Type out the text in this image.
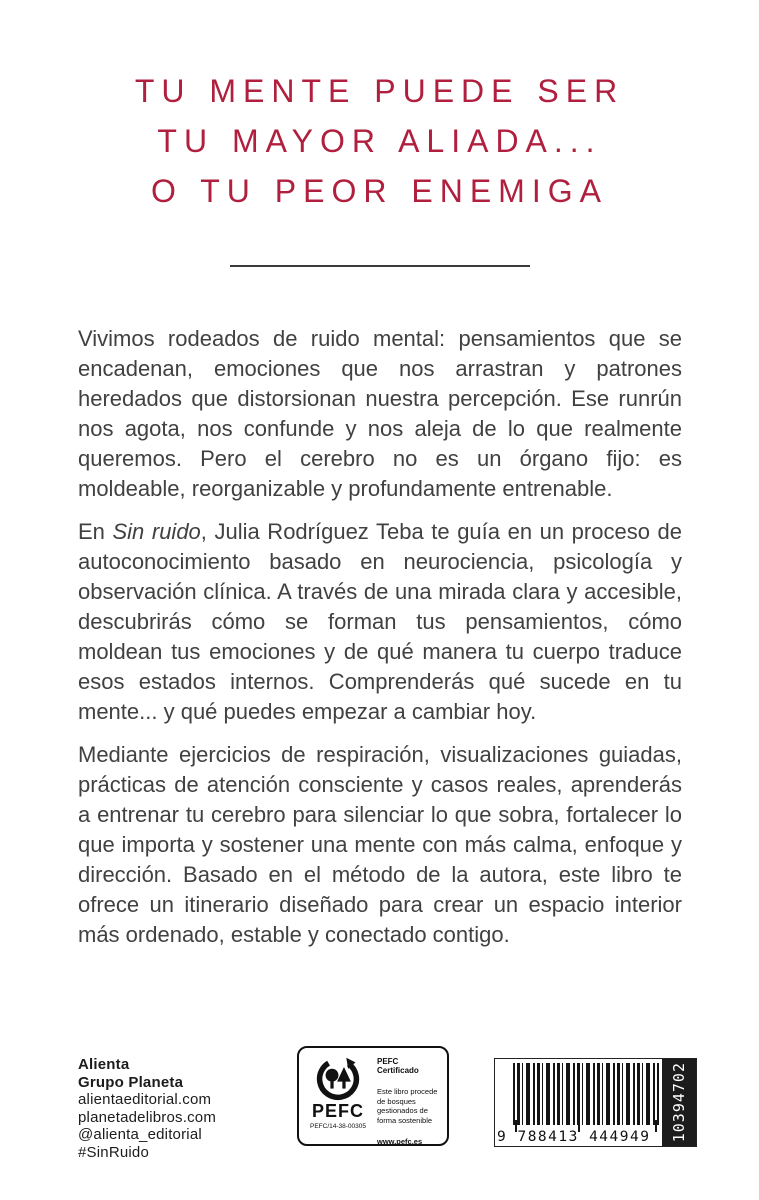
TU MENTE PUEDE SER
TU MAYOR ALIADA...
O TU PEOR ENEMIGA

Vivimos rodeados de ruido mental: pensamientos que se encadenan, emociones que nos arrastran y patrones heredados que distorsionan nuestra percepción. Ese runrún nos agota, nos confunde y nos aleja de lo que realmente queremos. Pero el cerebro no es un órgano fijo: es moldeable, reorganizable y profundamente entrenable.

En Sin ruido, Julia Rodríguez Teba te guía en un proceso de autoconocimiento basado en neurociencia, psicología y observación clínica. A través de una mirada clara y accesible, descubrirás cómo se forman tus pensamientos, cómo moldean tus emociones y de qué manera tu cuerpo traduce esos estados internos. Comprenderás qué sucede en tu mente... y qué puedes empezar a cambiar hoy.

Mediante ejercicios de respiración, visualizaciones guiadas, prácticas de atención consciente y casos reales, aprenderás a entrenar tu cerebro para silenciar lo que sobra, fortalecer lo que importa y sostener una mente con más calma, enfoque y dirección. Basado en el método de la autora, este libro te ofrece un itinerario diseñado para crear un espacio interior más ordenado, estable y conectado contigo.

Alienta
Grupo Planeta
alientaeditorial.com
planetadelibros.com
@alienta_editorial
#SinRuido
PEFC
PEFC/14-38-00305
PEFC Certificado
Este libro procede de bosques gestionados de forma sostenible
www.pefc.es	9 788413 444949 10394702
